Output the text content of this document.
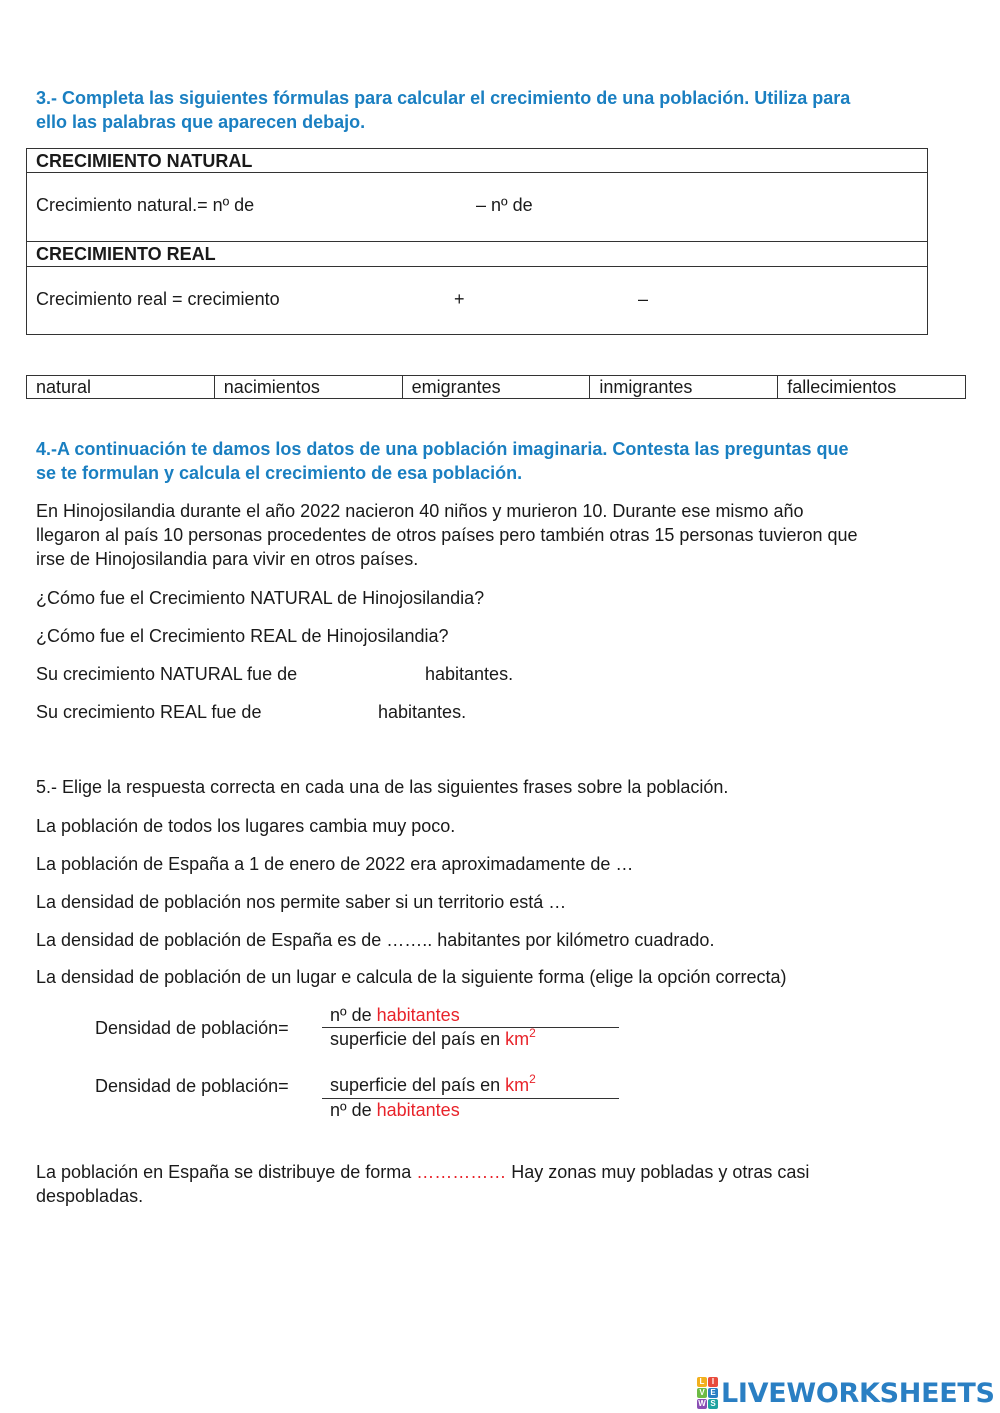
3.- Completa las siguientes fórmulas para calcular el crecimiento de una población. Utiliza para
ello las palabras que aparecen debajo.
CRECIMIENTO NATURAL
Crecimiento natural.= nº de	– nº de
CRECIMIENTO REAL
Crecimiento real = crecimiento	+	–
natural	nacimientos	emigrantes	inmigrantes	fallecimientos
4.-A continuación te damos los datos de una población imaginaria. Contesta las preguntas que
se te formulan y calcula el crecimiento de esa población.
En Hinojosilandia durante el año 2022 nacieron 40 niños y murieron 10. Durante ese mismo año
llegaron al país 10 personas procedentes de otros países pero también otras 15 personas tuvieron que
irse de Hinojosilandia para vivir en otros países.
¿Cómo fue el Crecimiento NATURAL de Hinojosilandia?
¿Cómo fue el Crecimiento REAL de Hinojosilandia?
Su crecimiento NATURAL fue de	habitantes.
Su crecimiento REAL fue de	habitantes.
5.- Elige la respuesta correcta en cada una de las siguientes frases sobre la población.
La población de todos los lugares cambia muy poco.
La población de España a 1 de enero de 2022 era aproximadamente de …
La densidad de población nos permite saber si un territorio está …
La densidad de población de España es de …….. habitantes por kilómetro cuadrado.
La densidad de población de un lugar e calcula de la siguiente forma (elige la opción correcta)
Densidad de población=
nº de habitantes
superficie del país en $km^2$
Densidad de población= superficie del país en $km^2$
nº de habitantes
La población en España se distribuye de forma …………… Hay zonas muy pobladas y otras casi
despobladas.
L I
V E
W S LIVEWORKSHEETS
